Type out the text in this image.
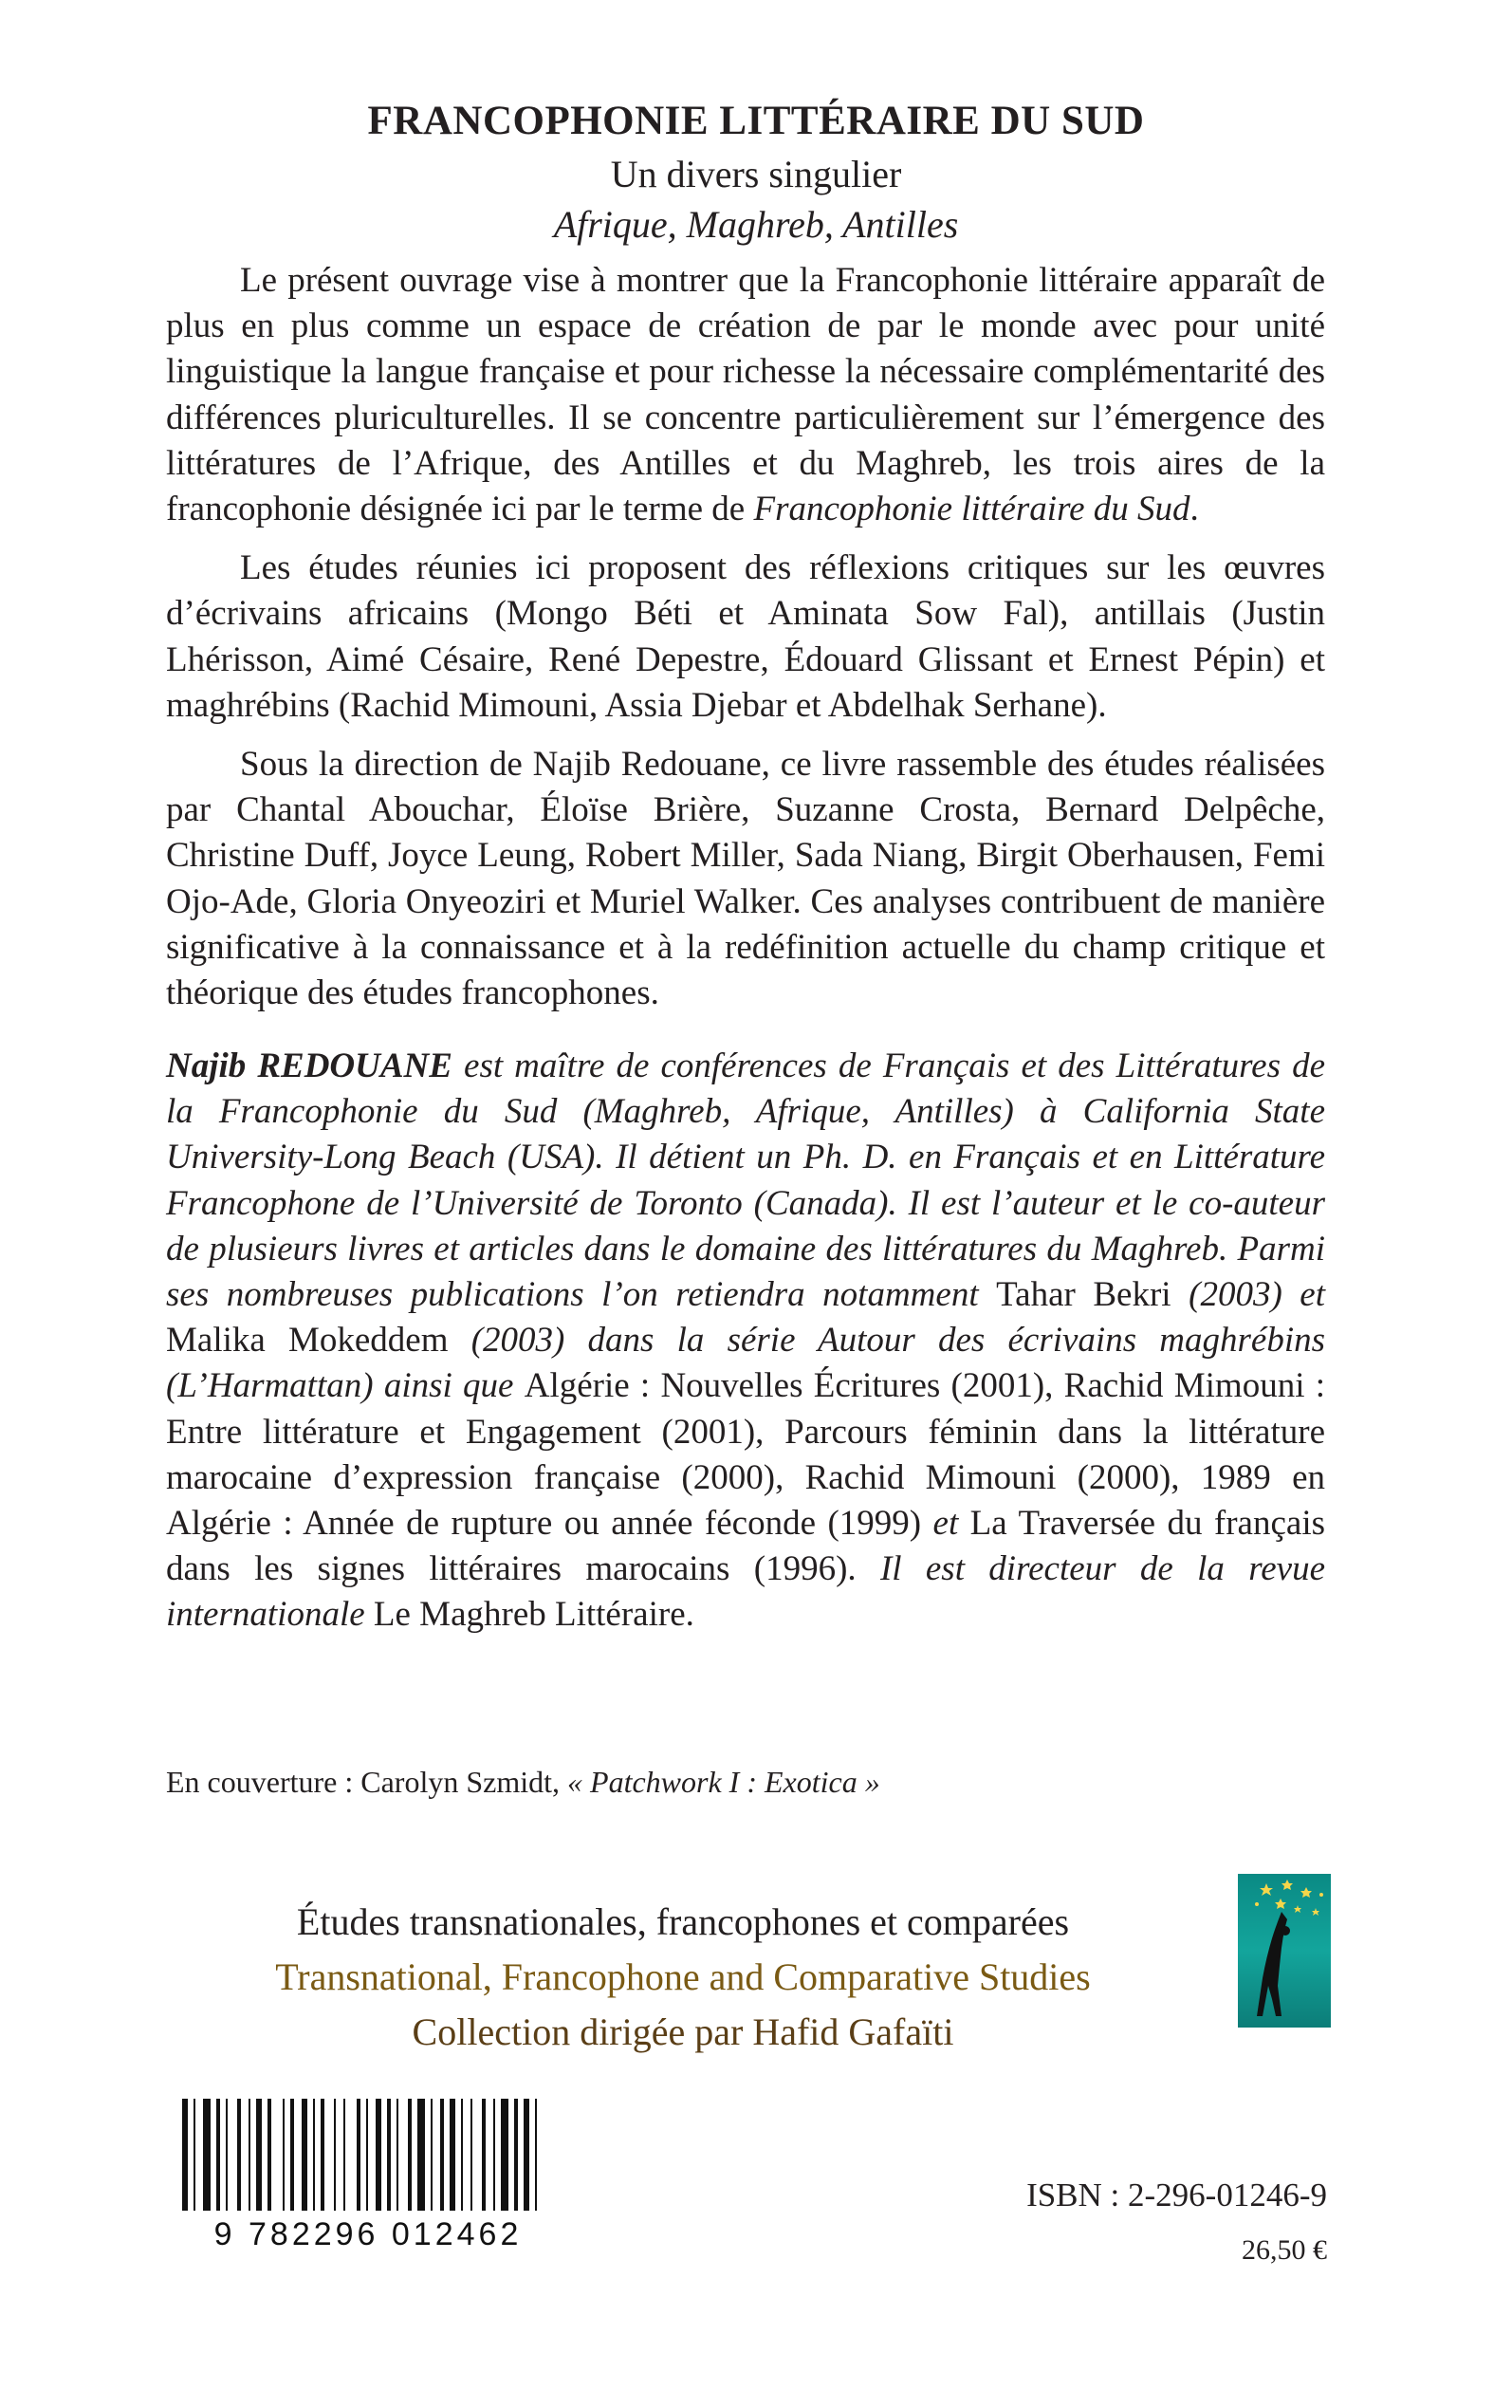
FRANCOPHONIE LITTÉRAIRE DU SUD
Un divers singulier
Afrique, Maghreb, Antilles

Le présent ouvrage vise à montrer que la Francophonie littéraire apparaît de plus en plus comme un espace de création de par le monde avec pour unité linguistique la langue française et pour richesse la nécessaire complémentarité des différences pluriculturelles. Il se concentre particulièrement sur l’émergence des littératures de l’Afrique, des Antilles et du Maghreb, les trois aires de la francophonie désignée ici par le terme de Francophonie littéraire du Sud.

Les études réunies ici proposent des réflexions critiques sur les œuvres d’écrivains africains (Mongo Béti et Aminata Sow Fal), antillais (Justin Lhérisson, Aimé Césaire, René Depestre, Édouard Glissant et Ernest Pépin) et maghrébins (Rachid Mimouni, Assia Djebar et Abdelhak Serhane).

Sous la direction de Najib Redouane, ce livre rassemble des études réalisées par Chantal Abouchar, Éloïse Brière, Suzanne Crosta, Bernard Delpêche, Christine Duff, Joyce Leung, Robert Miller, Sada Niang, Birgit Oberhausen, Femi Ojo-Ade, Gloria Onyeoziri et Muriel Walker. Ces analyses contribuent de manière significative à la connaissance et à la redéfinition actuelle du champ critique et théorique des études francophones.

Najib REDOUANE est maître de conférences de Français et des Littératures de la Francophonie du Sud (Maghreb, Afrique, Antilles) à California State University-Long Beach (USA). Il détient un Ph. D. en Français et en Littérature Francophone de l’Université de Toronto (Canada). Il est l’auteur et le co-auteur de plusieurs livres et articles dans le domaine des littératures du Maghreb. Parmi ses nombreuses publications l’on retiendra notamment Tahar Bekri (2003) et Malika Mokeddem (2003) dans la série Autour des écrivains maghrébins (L’Harmattan) ainsi que Algérie : Nouvelles Écritures (2001), Rachid Mimouni : Entre littérature et Engagement (2001), Parcours féminin dans la littérature marocaine d’expression française (2000), Rachid Mimouni (2000), 1989 en Algérie : Année de rupture ou année féconde (1999) et La Traversée du français dans les signes littéraires marocains (1996). Il est directeur de la revue internationale Le Maghreb Littéraire.

En couverture : Carolyn Szmidt, « Patchwork I : Exotica »
Études transnationales, francophones et comparées
Transnational, Francophone and Comparative Studies
Collection dirigée par Hafid Gafaïti
9 782296 012462
ISBN : 2-296-01246-9
26,50 €
